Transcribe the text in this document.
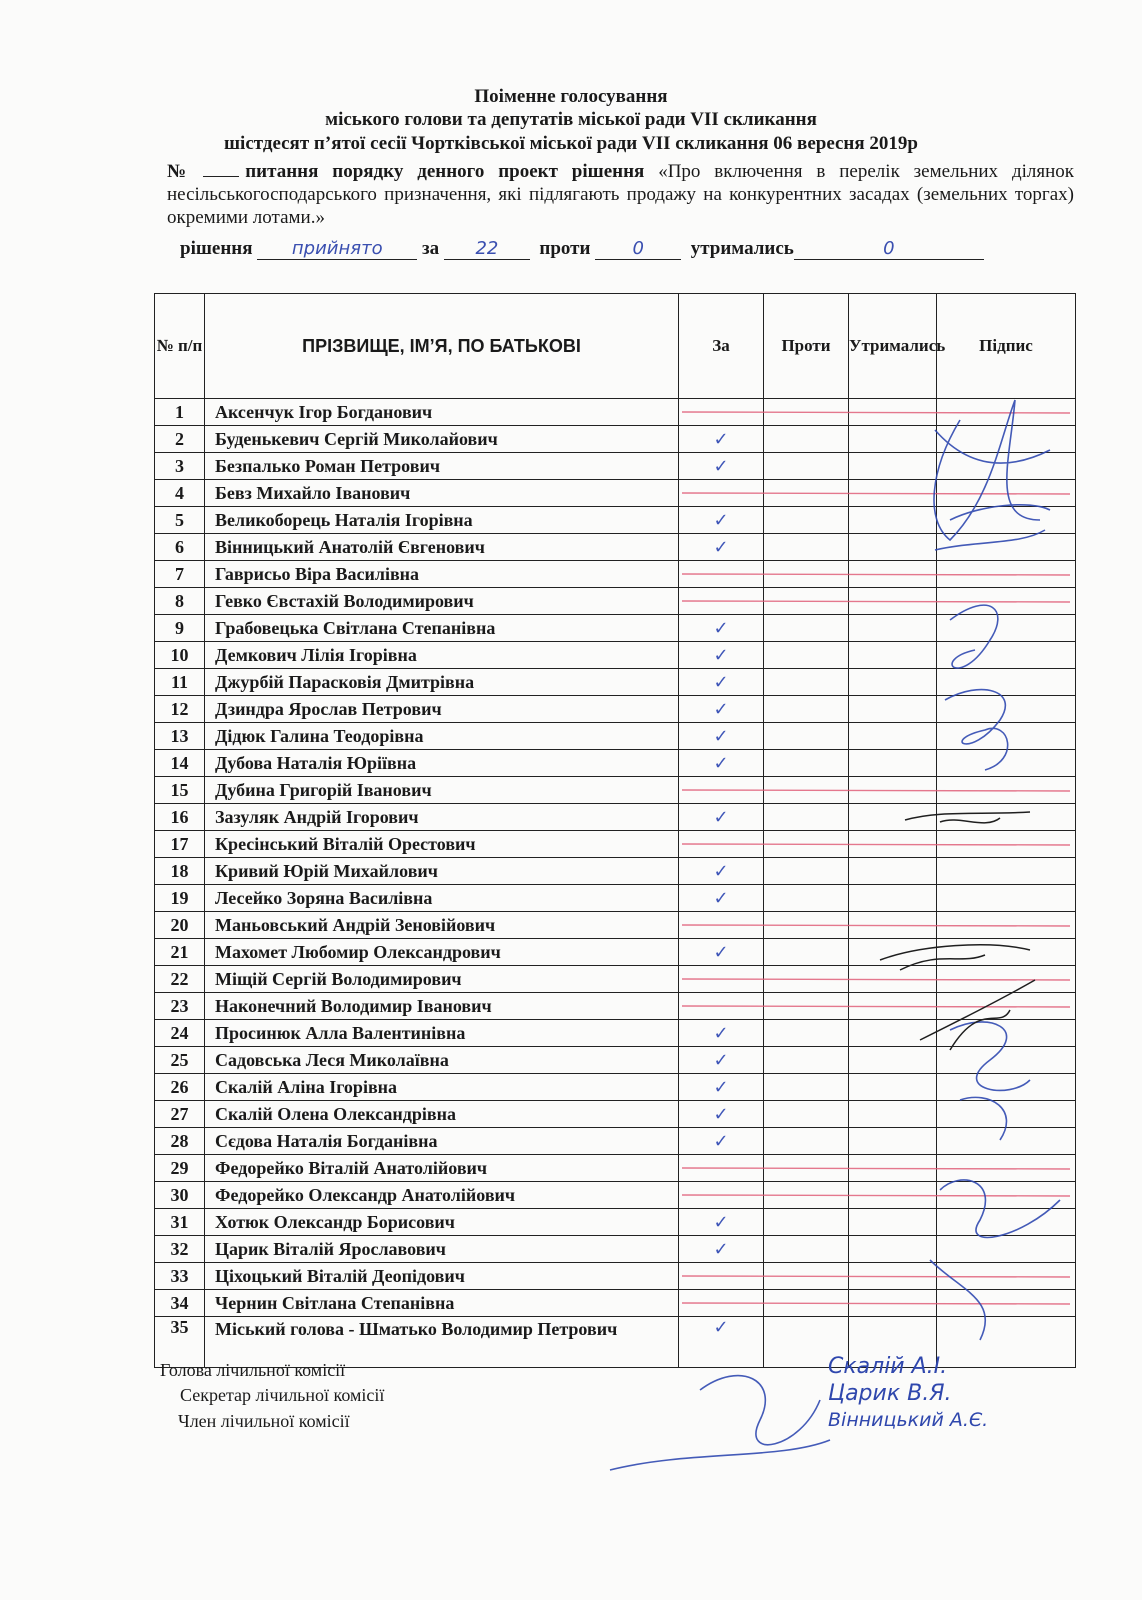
Поіменне голосування
міського голови та депутатів міської ради VII скликання
шістдесят п’ятої сесії Чортківської міської ради VII скликання 06 вересня 2019р
№	питання порядку денного проект рішення «Про включення в перелік земельних ділянок несільськогосподарського призначення, які підлягають продажу на конкурентних засадах (земельних торгах) окремими лотами.»
рішення прийнято за 22 проти 0 утримались	0
№ п/п	ПРІЗВИЩЕ, ІМ’Я, ПО БАТЬКОВІ	За	Проти	Утримались	Підпис
1	Аксенчук Ігор Богданович				
2	Буденькевич Сергій Миколайович	✓			
3	Безпалько Роман Петрович	✓			
4	Бевз Михайло Іванович				
5	Великоборець Наталія Ігорівна	✓			
6	Вінницький Анатолій Євгенович	✓			
7	Гаврисьо Віра Василівна				
8	Гевко Євстахій Володимирович				
9	Грабовецька Світлана Степанівна	✓			
10	Демкович Лілія Ігорівна	✓			
11	Джурбій Парасковія Дмитрівна	✓			
12	Дзиндра Ярослав Петрович	✓			
13	Дідюк Галина Теодорівна	✓			
14	Дубова Наталія Юріївна	✓			
15	Дубина Григорій Іванович				
16	Зазуляк Андрій Ігорович	✓			
17	Кресінський Віталій Орестович				
18	Кривий Юрій Михайлович	✓			
19	Лесейко Зоряна Василівна	✓			
20	Маньовський Андрій Зеновійович				
21	Махомет Любомир Олександрович	✓			
22	Міщій Сергій Володимирович				
23	Наконечний Володимир Іванович				
24	Просинюк Алла Валентинівна	✓			
25	Садовська Леся Миколаївна	✓			
26	Скалій Аліна Ігорівна	✓			
27	Скалій Олена Олександрівна	✓			
28	Сєдова Наталія Богданівна	✓			
29	Федорейко Віталій Анатолійович				
30	Федорейко Олександр Анатолійович				
31	Хотюк Олександр Борисович	✓			
32	Царик Віталій Ярославович	✓			
33	Ціхоцький Віталій Деопідович				
34	Чернин Світлана Степанівна				
35	Міський голова - Шматько Володимир Петрович	✓			
Голова лічильної комісії
Секретар лічильної комісії
Член лічильної комісії
Скалій А.І.
Царик В.Я.
Вінницький А.Є.
